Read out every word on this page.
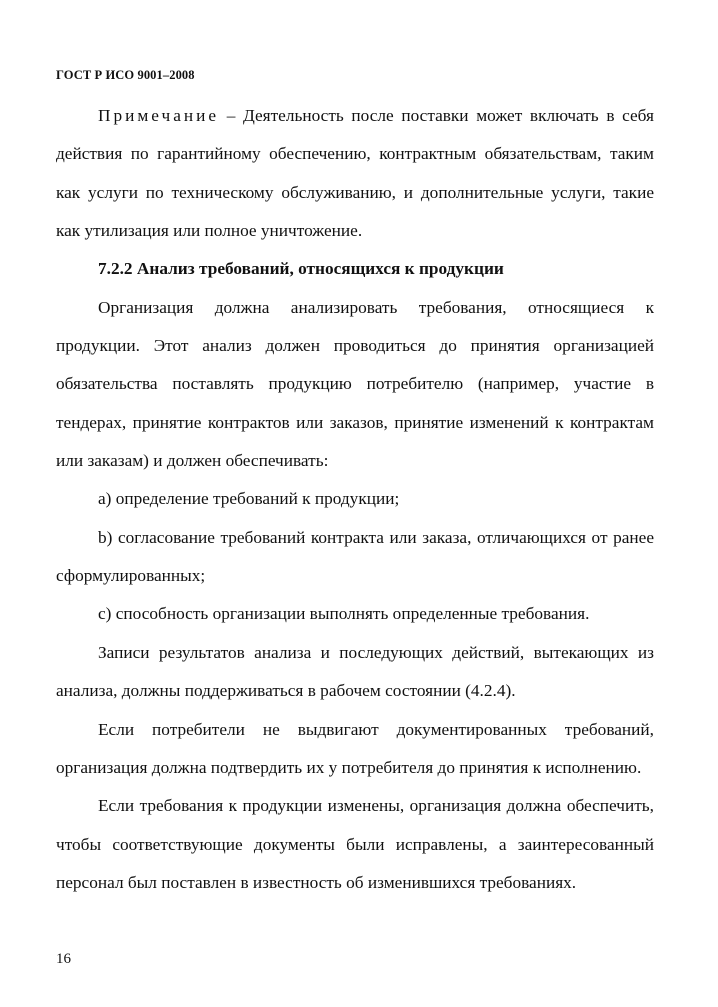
ГОСТ Р ИСО 9001–2008

Примечание – Деятельность после поставки может включать в себя действия по гарантийному обеспечению, контрактным обязательствам, таким как услуги по техническому обслуживанию, и дополнительные услуги, такие как утилизация или полное уничтожение.

7.2.2 Анализ требований, относящихся к продукции

Организация должна анализировать требования, относящиеся к продукции. Этот анализ должен проводиться до принятия организацией обязательства поставлять продукцию потребителю (например, участие в тендерах, принятие контрактов или заказов, принятие изменений к контрактам или заказам) и должен обеспечивать:

a) определение требований к продукции;

b) согласование требований контракта или заказа, отличающихся от ранее сформулированных;

c) способность организации выполнять определенные требования.

Записи результатов анализа и последующих действий, вытекающих из анализа, должны поддерживаться в рабочем состоянии (4.2.4).

Если потребители не выдвигают документированных требований, организация должна подтвердить их у потребителя до принятия к исполнению.

Если требования к продукции изменены, организация должна обеспечить, чтобы соответствующие документы были исправлены, а заинтересованный персонал был поставлен в известность об изменившихся требованиях.

16
